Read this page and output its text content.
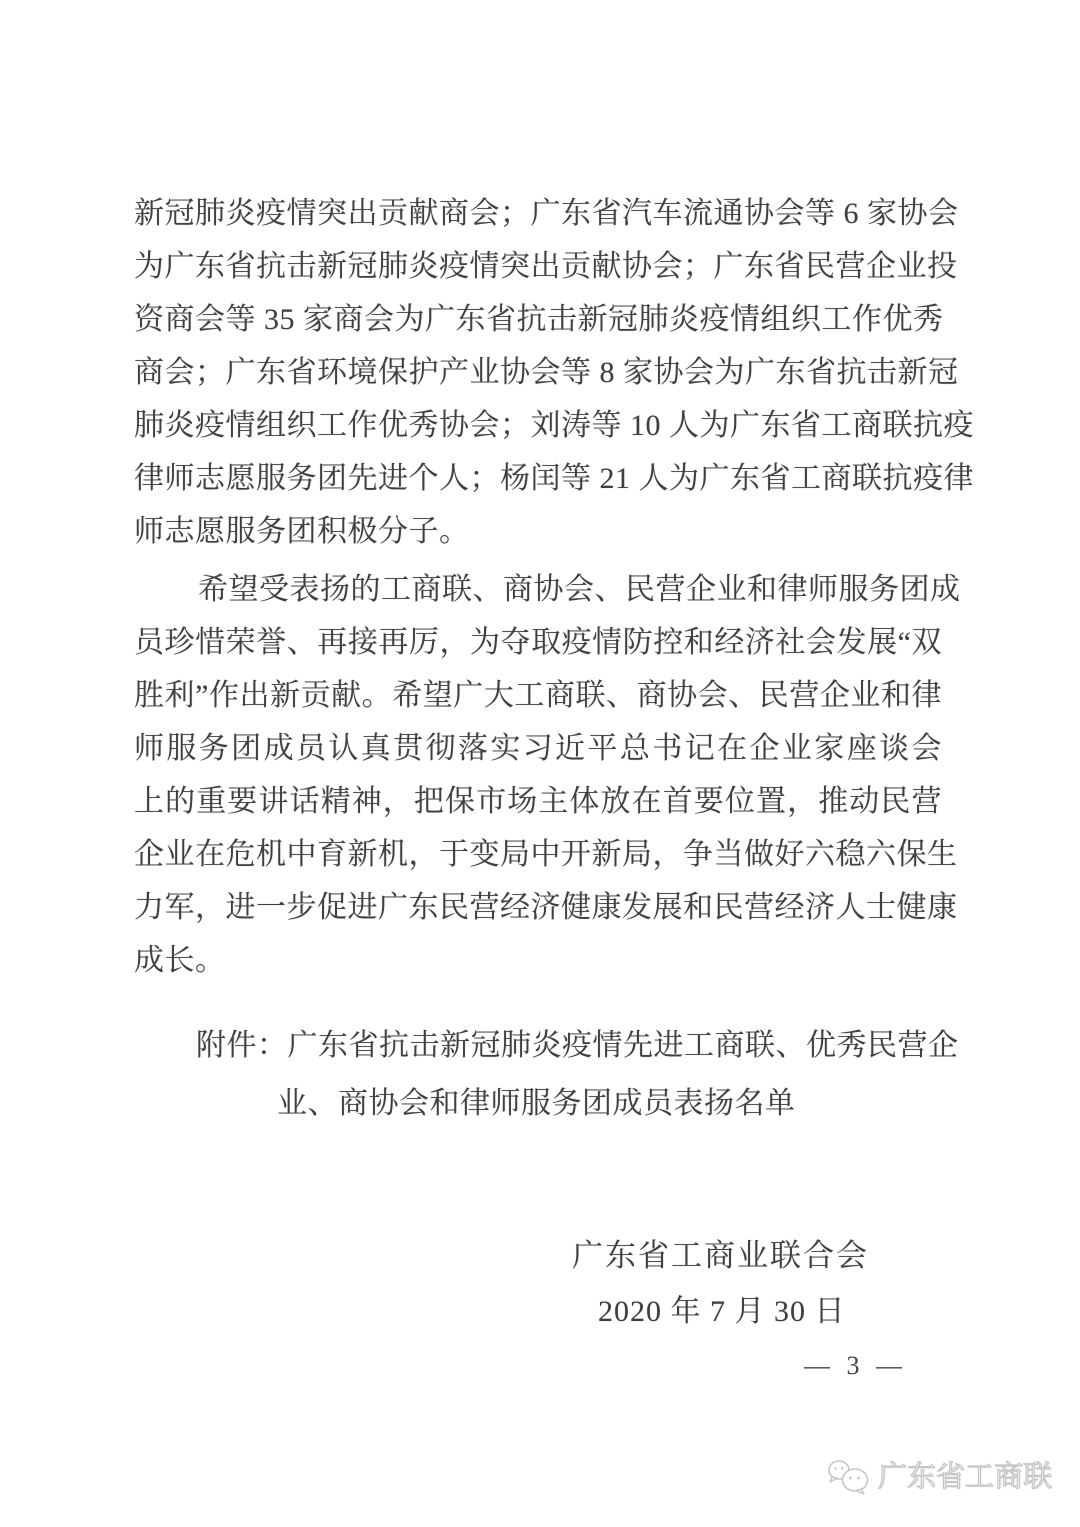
新冠肺炎疫情突出贡献商会；广东省汽车流通协会等 6 家协会
为广东省抗击新冠肺炎疫情突出贡献协会；广东省民营企业投
资商会等 35 家商会为广东省抗击新冠肺炎疫情组织工作优秀
商会；广东省环境保护产业协会等 8 家协会为广东省抗击新冠
肺炎疫情组织工作优秀协会；刘涛等 10 人为广东省工商联抗疫
律师志愿服务团先进个人；杨闰等 21 人为广东省工商联抗疫律
师志愿服务团积极分子。
希望受表扬的工商联、商协会、民营企业和律师服务团成
员珍惜荣誉、再接再厉，为夺取疫情防控和经济社会发展“双
胜利”作出新贡献。希望广大工商联、商协会、民营企业和律
师服务团成员认真贯彻落实习近平总书记在企业家座谈会
上的重要讲话精神，把保市场主体放在首要位置，推动民营
企业在危机中育新机，于变局中开新局，争当做好六稳六保生
力军，进一步促进广东民营经济健康发展和民营经济人士健康
成长。
附件：广东省抗击新冠肺炎疫情先进工商联、优秀民营企
业、商协会和律师服务团成员表扬名单
广东省工商业联合会
2020 年 7 月 30 日
— 3 —
广东省工商联
